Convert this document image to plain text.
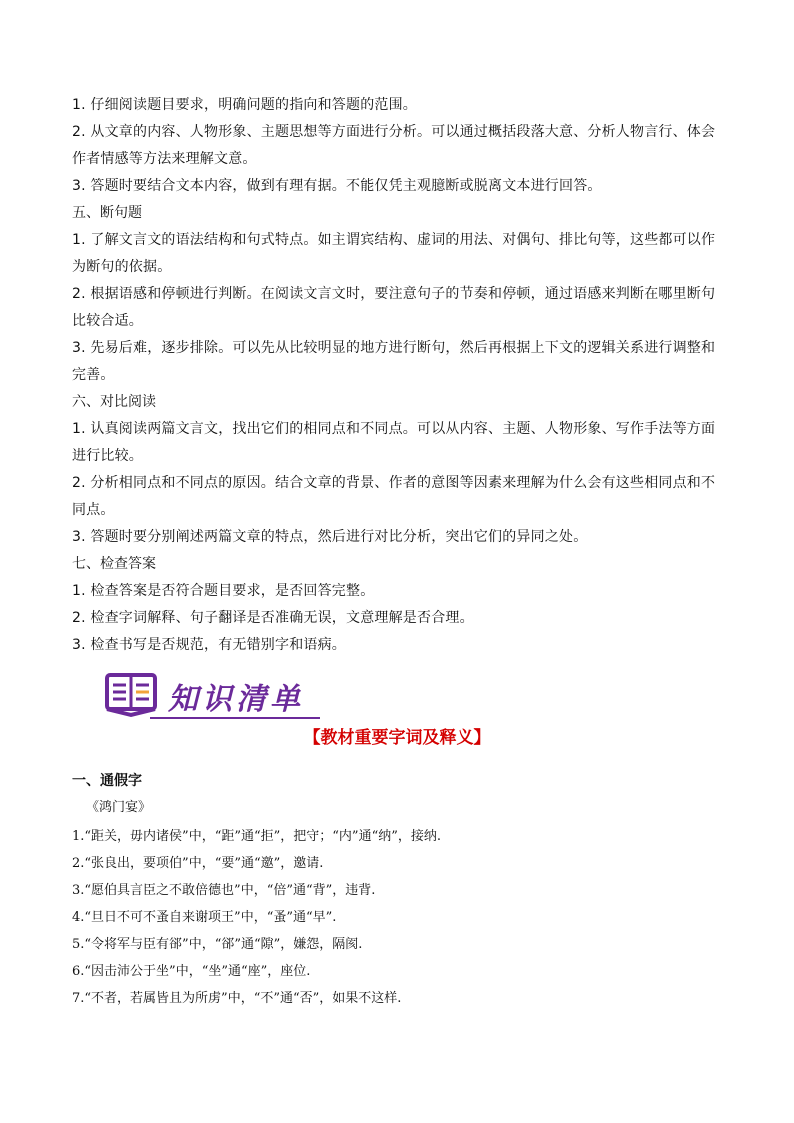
1. 仔细阅读题目要求，明确问题的指向和答题的范围。
2. 从文章的内容、人物形象、主题思想等方面进行分析。可以通过概括段落大意、分析人物言行、体会作者情感等方法来理解文意。
3. 答题时要结合文本内容，做到有理有据。不能仅凭主观臆断或脱离文本进行回答。
五、断句题
1. 了解文言文的语法结构和句式特点。如主谓宾结构、虚词的用法、对偶句、排比句等，这些都可以作为断句的依据。
2. 根据语感和停顿进行判断。在阅读文言文时，要注意句子的节奏和停顿，通过语感来判断在哪里断句比较合适。
3. 先易后难，逐步排除。可以先从比较明显的地方进行断句，然后再根据上下文的逻辑关系进行调整和完善。
六、对比阅读
1. 认真阅读两篇文言文，找出它们的相同点和不同点。可以从内容、主题、人物形象、写作手法等方面进行比较。
2. 分析相同点和不同点的原因。结合文章的背景、作者的意图等因素来理解为什么会有这些相同点和不同点。
3. 答题时要分别阐述两篇文章的特点，然后进行对比分析，突出它们的异同之处。
七、检查答案
1. 检查答案是否符合题目要求，是否回答完整。
2. 检查字词解释、句子翻译是否准确无误，文意理解是否合理。
3. 检查书写是否规范，有无错别字和语病。
知识清单
【教材重要字词及释义】
一、通假字
《鸿门宴》
1.“距关，毋内诸侯”中，“距”通“拒”，把守；“内”通“纳”，接纳.
2.“张良出，要项伯”中，“要”通“邀”，邀请.
3.“愿伯具言臣之不敢倍德也”中，“倍”通“背”，违背.
4.“旦日不可不蚤自来谢项王”中，“蚤”通“早”.
5.“令将军与臣有郤”中，“郤”通“隙”，嫌怨，隔阂.
6.“因击沛公于坐”中，“坐”通“座”，座位.
7.“不者，若属皆且为所虏”中，“不”通“否”，如果不这样.
